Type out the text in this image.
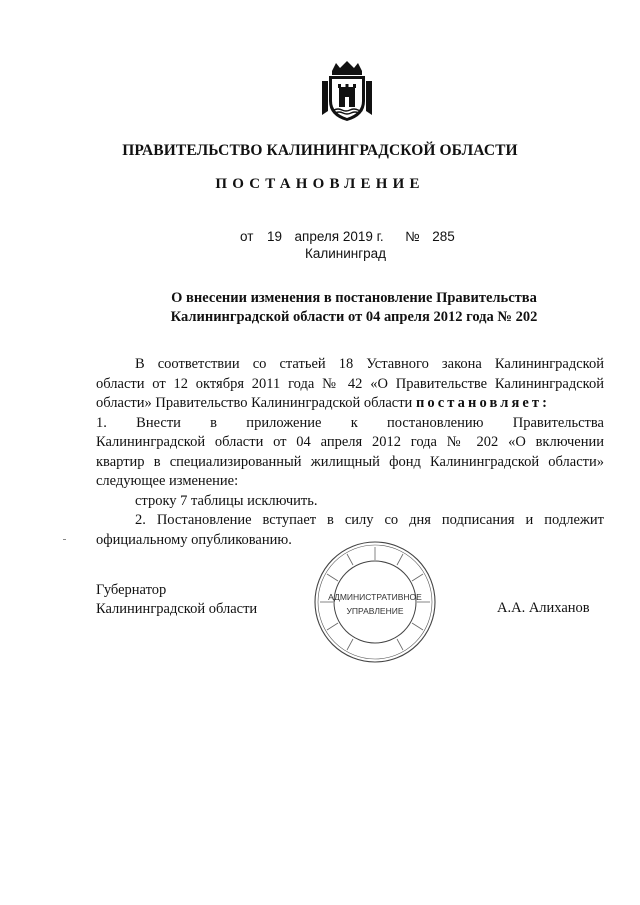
ПРАВИТЕЛЬСТВО КАЛИНИНГРАДСКОЙ ОБЛАСТИ
ПОСТАНОВЛЕНИЕ
от 19 апреля 2019 г. № 285
Калининград
О внесении изменения в постановление Правительства
Калининградской области от 04 апреля 2012 года № 202

В соответствии со статьей 18 Уставного закона Калининградской
области от 12 октября 2011 года № 42 «О Правительстве Калининградской
области» Правительство Калининградской области постановляет:

1. Внести в приложение к постановлению Правительства
Калининградской области от 04 апреля 2012 года № 202 «О включении
квартир в специализированный жилищный фонд Калининградской области»
следующее изменение:

строку 7 таблицы исключить.

2. Постановление вступает в силу со дня подписания и подлежит
официальному опубликованию.

АДМИНИСТРАТИВНОЕ
УПРАВЛЕНИЕ
Губернатор
Калининградской области	А.А. Алиханов
